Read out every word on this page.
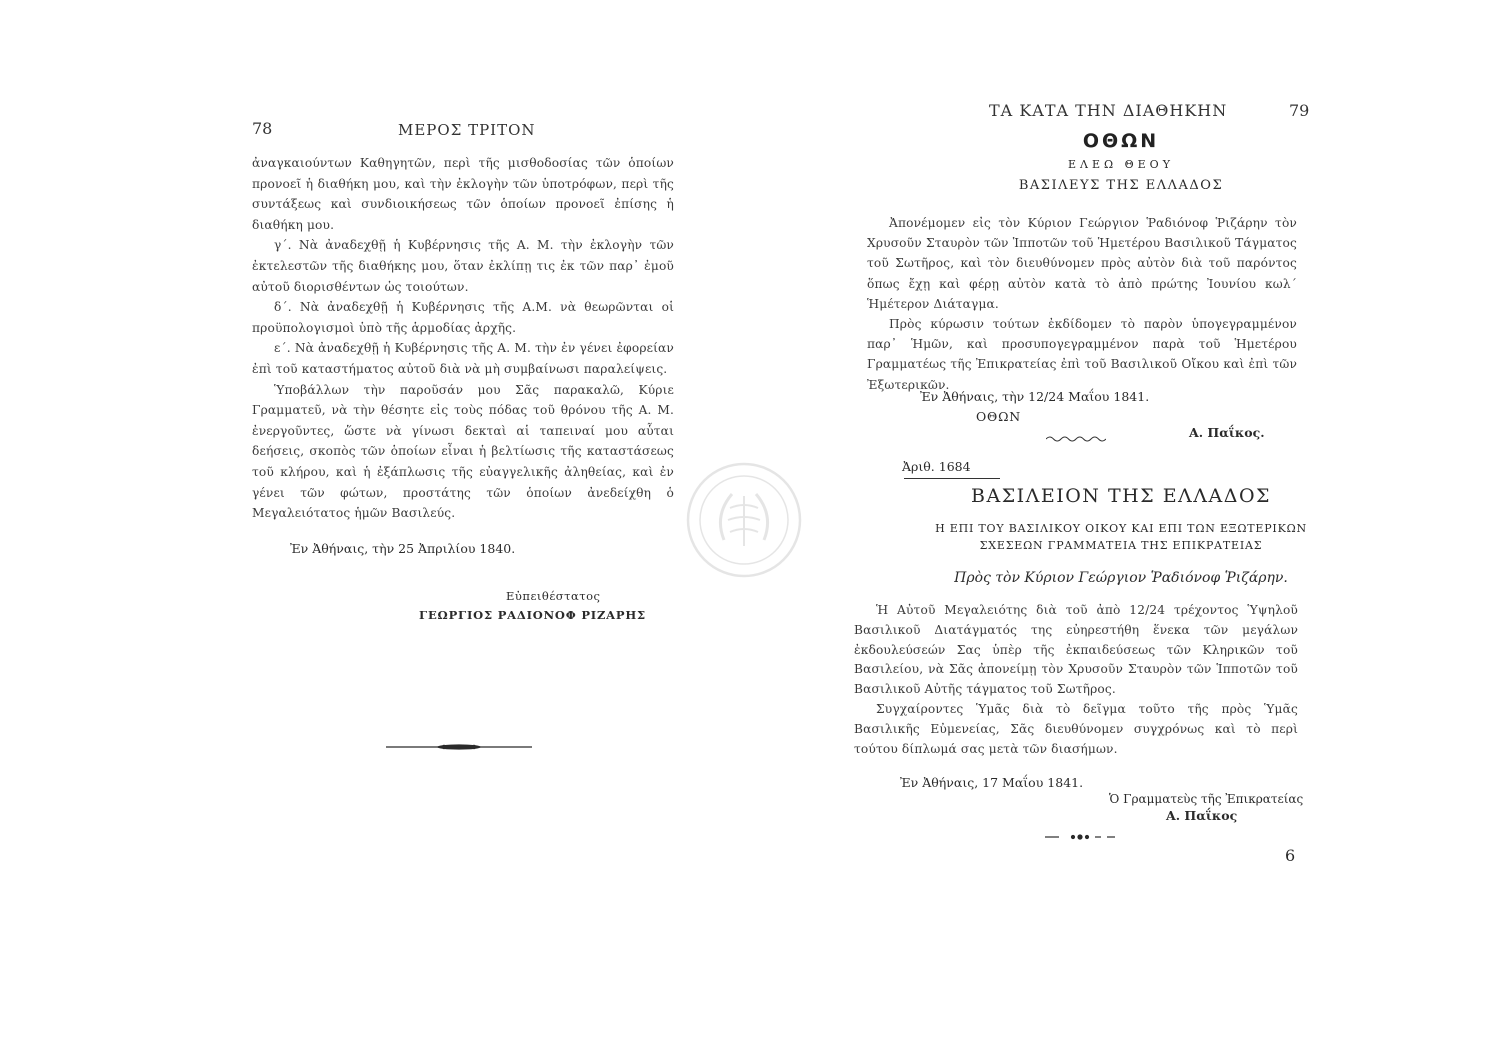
78	ΜΕΡΟΣ ΤΡΙΤΟΝ

ἀναγκαιούντων Καθηγητῶν, περὶ τῆς μισθοδοσίας τῶν ὁποίων προνοεῖ ἡ διαθήκη μου, καὶ τὴν ἐκλογὴν τῶν ὑποτρόφων, περὶ τῆς συντάξεως καὶ συνδιοικήσεως τῶν ὁποίων προνοεῖ ἐπίσης ἡ διαθήκη μου.

γ΄. Νὰ ἀναδεχθῇ ἡ Κυβέρνησις τῆς Α. Μ. τὴν ἐκλογὴν τῶν ἐκτελεστῶν τῆς διαθήκης μου, ὅταν ἐκλίπῃ τις ἐκ τῶν παρ᾽ ἐμοῦ αὐτοῦ διορισθέντων ὡς τοιούτων.

δ΄. Νὰ ἀναδεχθῇ ἡ Κυβέρνησις τῆς Α.Μ. νὰ θεωρῶνται οἱ προϋπολογισμοὶ ὑπὸ τῆς ἁρμοδίας ἀρχῆς.

ε΄. Νὰ ἀναδεχθῇ ἡ Κυβέρνησις τῆς Α. Μ. τὴν ἐν γένει ἐφορείαν ἐπὶ τοῦ καταστήματος αὐτοῦ διὰ νὰ μὴ συμβαίνωσι παραλείψεις.

Ὑποβάλλων τὴν παροῦσάν μου Σᾶς παρακαλῶ, Κύριε Γραμματεῦ, νὰ τὴν θέσητε εἰς τοὺς πόδας τοῦ θρόνου τῆς Α. Μ. ἐνεργοῦντες, ὥστε νὰ γίνωσι δεκταὶ αἱ ταπειναί μου αὗται δεήσεις, σκοπὸς τῶν ὁποίων εἶναι ἡ βελτίωσις τῆς καταστάσεως τοῦ κλήρου, καὶ ἡ ἐξάπλωσις τῆς εὐαγγελικῆς ἀληθείας, καὶ ἐν γένει τῶν φώτων, προστάτης τῶν ὁποίων ἀνεδείχθη ὁ Μεγαλειότατος ἡμῶν Βασιλεύς.

Ἐν Ἀθήναις, τὴν 25 Ἀπριλίου 1840.
Εὐπειθέστατος
ΓΕΩΡΓΙΟΣ ΡΑΔΙΟΝΟΦ ΡΙΖΑΡΗΣ
ΤΑ ΚΑΤΑ ΤΗΝ ΔΙΑΘΗΚΗΝ	79
ΟΘΩΝ
ΕΛΕΩ ΘΕΟΥ
ΒΑΣΙΛΕΥΣ ΤΗΣ ΕΛΛΑΔΟΣ

Ἀπονέμομεν εἰς τὸν Κύριον Γεώργιον Ῥαδιόνοφ Ῥιζάρην τὸν Χρυσοῦν Σταυρὸν τῶν Ἱπποτῶν τοῦ Ἡμετέρου Βασιλικοῦ Τάγματος τοῦ Σωτῆρος, καὶ τὸν διευθύνομεν πρὸς αὐτὸν διὰ τοῦ παρόντος ὅπως ἔχῃ καὶ φέρῃ αὐτὸν κατὰ τὸ ἀπὸ πρώτης Ἰουνίου κωλ΄ Ἡμέτερον Διάταγμα.

Πρὸς κύρωσιν τούτων ἐκδίδομεν τὸ παρὸν ὑπογεγραμμένον παρ᾽ Ἡμῶν, καὶ προσυπογεγραμμένον παρὰ τοῦ Ἡμετέρου Γραμματέως τῆς Ἐπικρατείας ἐπὶ τοῦ Βασιλικοῦ Οἴκου καὶ ἐπὶ τῶν Ἐξωτερικῶν.

Ἐν Ἀθήναις, τὴν 12/24 Μαΐου 1841.
ΟΘΩΝ
Α. Παΐκος.
Ἀριθ. 1684
ΒΑΣΙΛΕΙΟΝ ΤΗΣ ΕΛΛΑΔΟΣ
Η ΕΠΙ ΤΟΥ ΒΑΣΙΛΙΚΟΥ ΟΙΚΟΥ ΚΑΙ ΕΠΙ ΤΩΝ ΕΞΩΤΕΡΙΚΩΝ
ΣΧΕΣΕΩΝ ΓΡΑΜΜΑΤΕΙΑ ΤΗΣ ΕΠΙΚΡΑΤΕΙΑΣ
Πρὸς τὸν Κύριον Γεώργιον Ῥαδιόνοφ Ῥιζάρην.

Ἡ Αὐτοῦ Μεγαλειότης διὰ τοῦ ἀπὸ 12/24 τρέχοντος Ὑψηλοῦ Βασιλικοῦ Διατάγματός της εὐηρεστήθη ἕνεκα τῶν μεγάλων ἐκδουλεύσεών Σας ὑπὲρ τῆς ἐκπαιδεύσεως τῶν Κληρικῶν τοῦ Βασιλείου, νὰ Σᾶς ἀπονείμῃ τὸν Χρυσοῦν Σταυρὸν τῶν Ἱπποτῶν τοῦ Βασιλικοῦ Αὐτῆς τάγματος τοῦ Σωτῆρος.

Συγχαίροντες Ὑμᾶς διὰ τὸ δεῖγμα τοῦτο τῆς πρὸς Ὑμᾶς Βασιλικῆς Εὐμενείας, Σᾶς διευθύνομεν συγχρόνως καὶ τὸ περὶ τούτου δίπλωμά σας μετὰ τῶν διασήμων.

Ἐν Ἀθήναις, 17 Μαΐου 1841.
Ὁ Γραμματεὺς τῆς Ἐπικρατείας
Α. Παΐκος
6
